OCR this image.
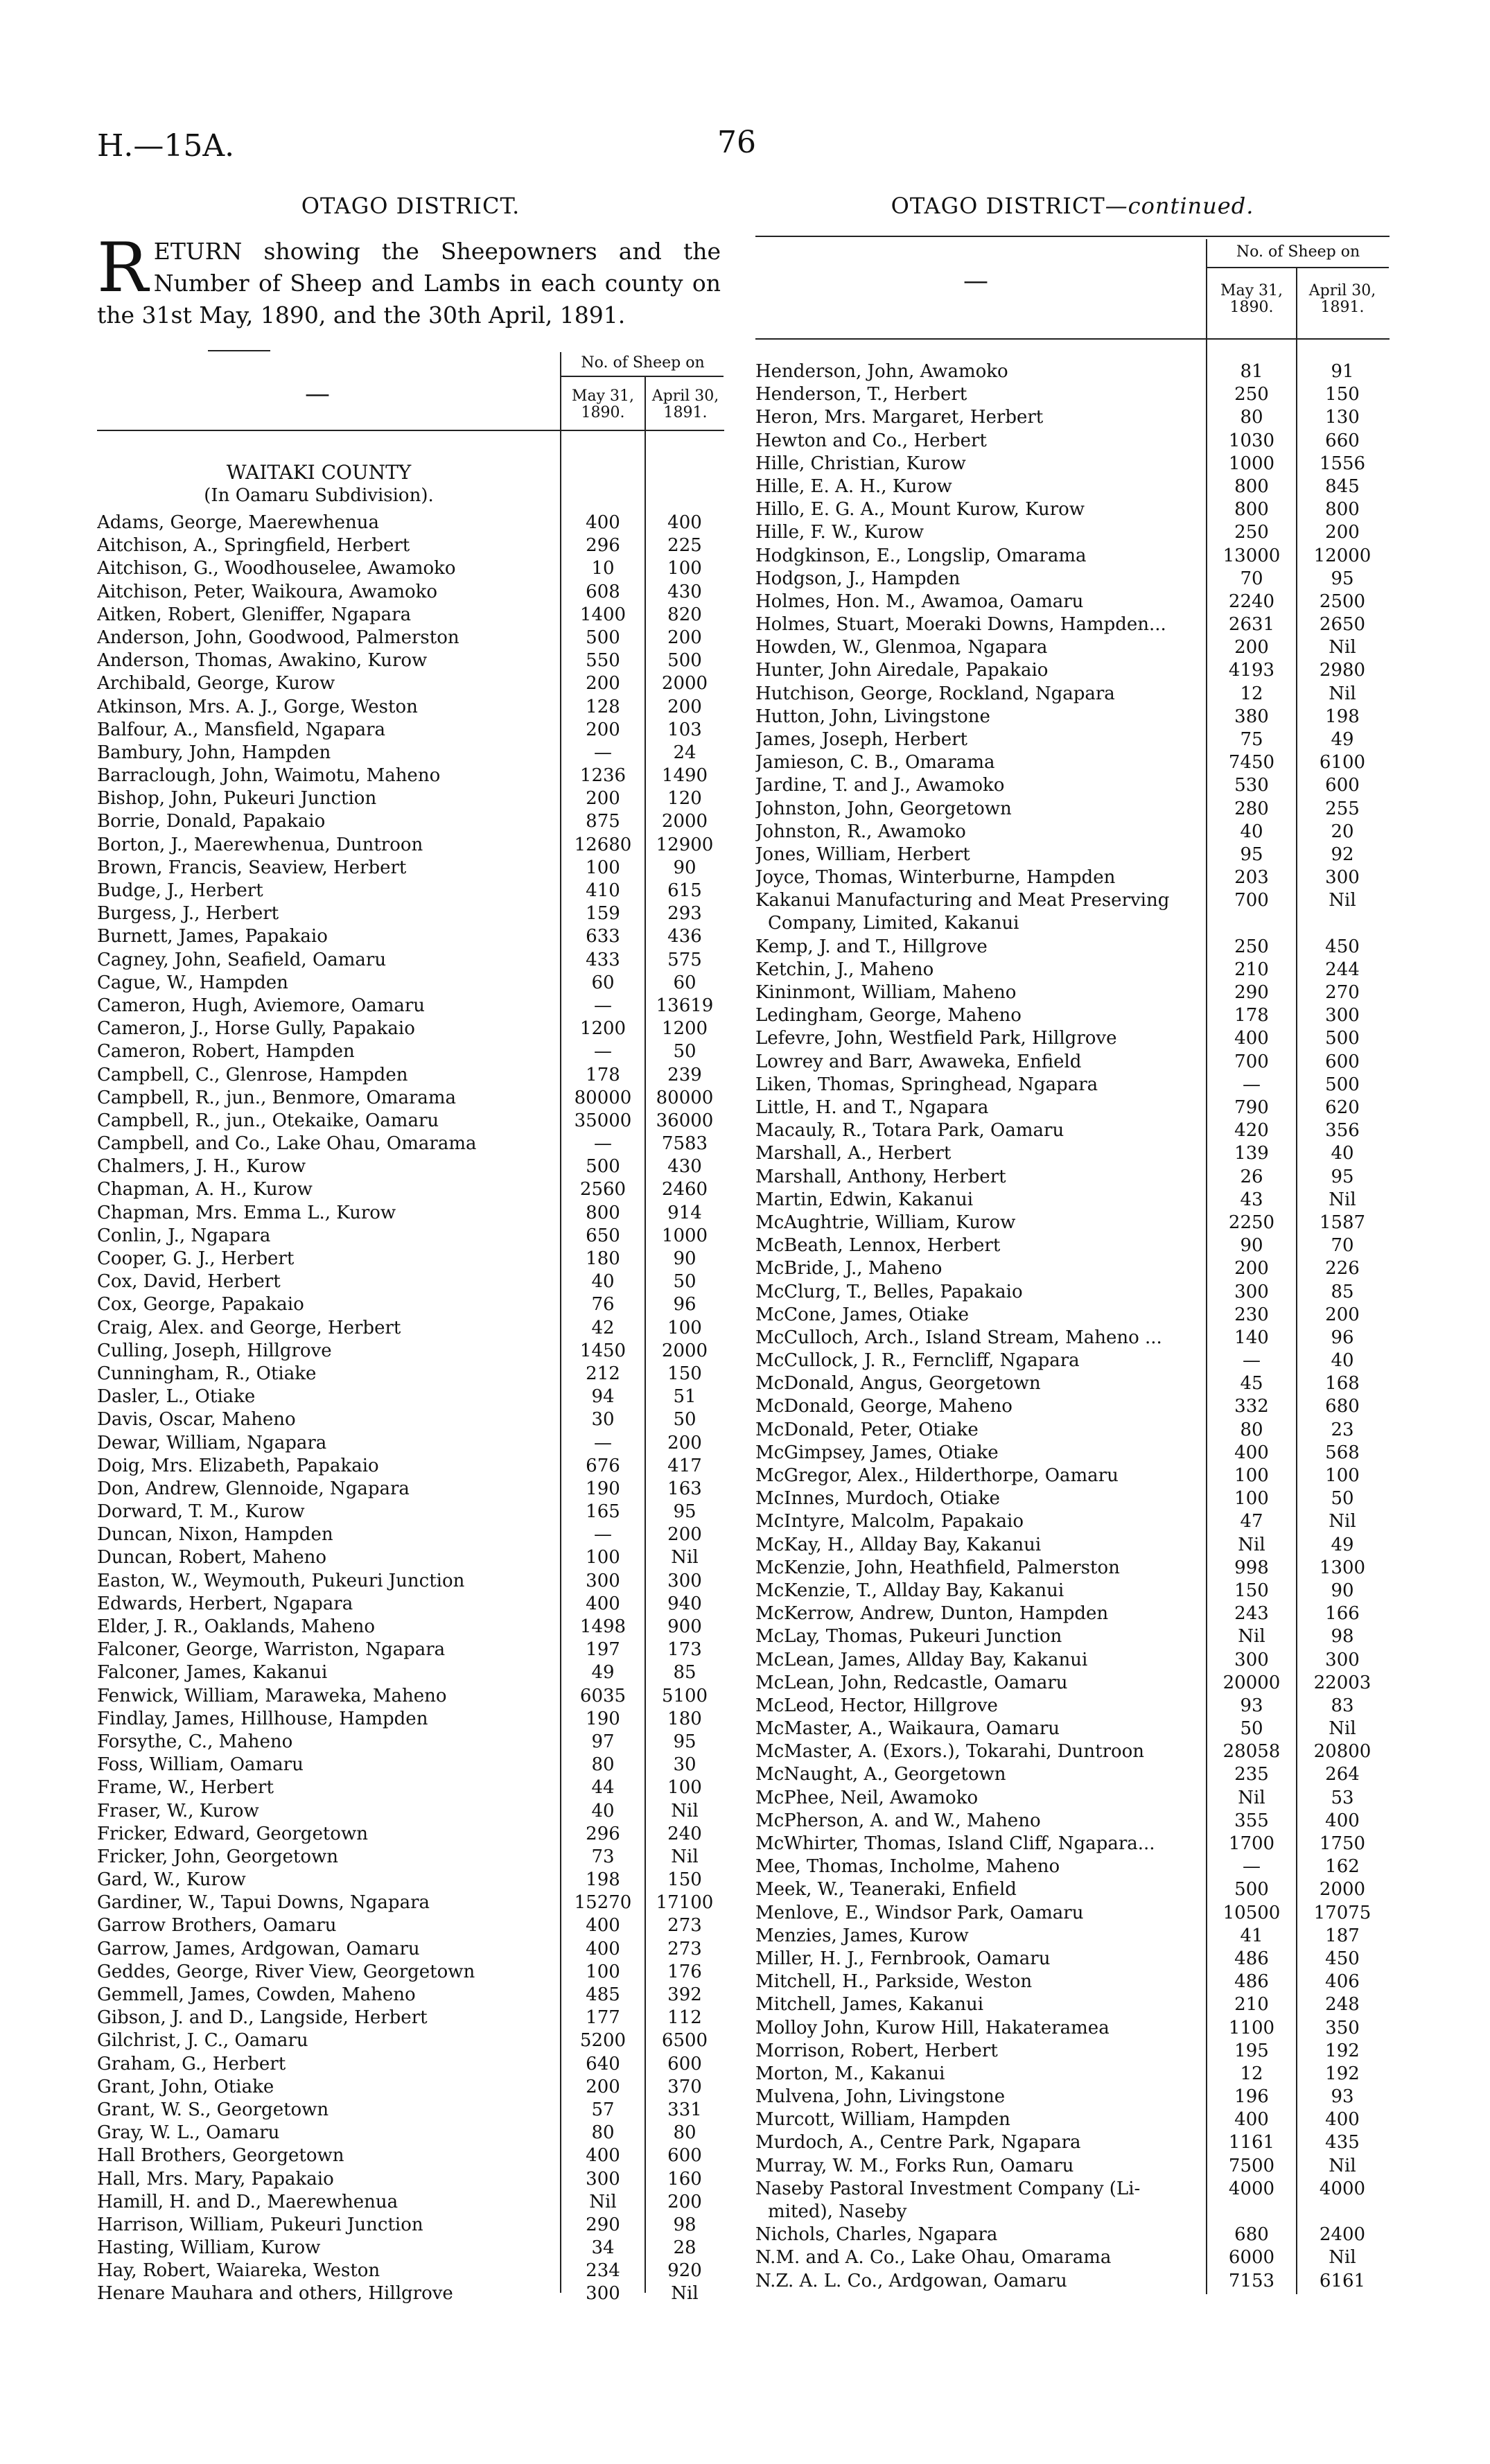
H.—15A.	76
OTAGO DISTRICT.
RETURN showing the Sheepowners and the Number of Sheep and Lambs in each county on the 31st May, 1890, and the 30th April, 1891.
No. of Sheep on
—	May 31, 1890.
April 30, 1891.
WAITAKI COUNTY
(In Oamaru Subdivision).
Adams, George, Maerewhenua	400	400
Aitchison, A., Springfield, Herbert	296	225
Aitchison, G., Woodhouselee, Awamoko	10	100
Aitchison, Peter, Waikoura, Awamoko	608	430
Aitken, Robert, Gleniffer, Ngapara	1400	820
Anderson, John, Goodwood, Palmerston	500	200
Anderson, Thomas, Awakino, Kurow	550	500
Archibald, George, Kurow	200	2000
Atkinson, Mrs. A. J., Gorge, Weston	128	200
Balfour, A., Mansfield, Ngapara	200	103
Bambury, John, Hampden	—	24
Barraclough, John, Waimotu, Maheno	1236	1490
Bishop, John, Pukeuri Junction	200	120
Borrie, Donald, Papakaio	875	2000
Borton, J., Maerewhenua, Duntroon	12680	12900
Brown, Francis, Seaview, Herbert	100	90
Budge, J., Herbert	410	615
Burgess, J., Herbert	159	293
Burnett, James, Papakaio	633	436
Cagney, John, Seafield, Oamaru	433	575
Cague, W., Hampden	60	60
Cameron, Hugh, Aviemore, Oamaru	—	13619
Cameron, J., Horse Gully, Papakaio	1200	1200
Cameron, Robert, Hampden	—	50
Campbell, C., Glenrose, Hampden	178	239
Campbell, R., jun., Benmore, Omarama	80000	80000
Campbell, R., jun., Otekaike, Oamaru	35000	36000
Campbell, and Co., Lake Ohau, Omarama	—	7583
Chalmers, J. H., Kurow	500	430
Chapman, A. H., Kurow	2560	2460
Chapman, Mrs. Emma L., Kurow	800	914
Conlin, J., Ngapara	650	1000
Cooper, G. J., Herbert	180	90
Cox, David, Herbert	40	50
Cox, George, Papakaio	76	96
Craig, Alex. and George, Herbert	42	100
Culling, Joseph, Hillgrove	1450	2000
Cunningham, R., Otiake	212	150
Dasler, L., Otiake	94	51
Davis, Oscar, Maheno	30	50
Dewar, William, Ngapara	—	200
Doig, Mrs. Elizabeth, Papakaio	676	417
Don, Andrew, Glennoide, Ngapara	190	163
Dorward, T. M., Kurow	165	95
Duncan, Nixon, Hampden	—	200
Duncan, Robert, Maheno	100	Nil
Easton, W., Weymouth, Pukeuri Junction	300	300
Edwards, Herbert, Ngapara	400	940
Elder, J. R., Oaklands, Maheno	1498	900
Falconer, George, Warriston, Ngapara	197	173
Falconer, James, Kakanui	49	85
Fenwick, William, Maraweka, Maheno	6035	5100
Findlay, James, Hillhouse, Hampden	190	180
Forsythe, C., Maheno	97	95
Foss, William, Oamaru	80	30
Frame, W., Herbert	44	100
Fraser, W., Kurow	40	Nil
Fricker, Edward, Georgetown	296	240
Fricker, John, Georgetown	73	Nil
Gard, W., Kurow	198	150
Gardiner, W., Tapui Downs, Ngapara	15270	17100
Garrow Brothers, Oamaru	400	273
Garrow, James, Ardgowan, Oamaru	400	273
Geddes, George, River View, Georgetown	100	176
Gemmell, James, Cowden, Maheno	485	392
Gibson, J. and D., Langside, Herbert	177	112
Gilchrist, J. C., Oamaru	5200	6500
Graham, G., Herbert	640	600
Grant, John, Otiake	200	370
Grant, W. S., Georgetown	57	331
Gray, W. L., Oamaru	80	80
Hall Brothers, Georgetown	400	600
Hall, Mrs. Mary, Papakaio	300	160
Hamill, H. and D., Maerewhenua	Nil	200
Harrison, William, Pukeuri Junction	290	98
Hasting, William, Kurow	34	28
Hay, Robert, Waiareka, Weston	234	920
Henare Mauhara and others, Hillgrove	300	Nil
OTAGO DISTRICT—continued.
No. of Sheep on
—	May 31, 1890.
April 30, 1891.
Henderson, John, Awamoko	81	91
Henderson, T., Herbert	250	150
Heron, Mrs. Margaret, Herbert	80	130
Hewton and Co., Herbert	1030	660
Hille, Christian, Kurow	1000	1556
Hille, E. A. H., Kurow	800	845
Hillo, E. G. A., Mount Kurow, Kurow	800	800
Hille, F. W., Kurow	250	200
Hodgkinson, E., Longslip, Omarama	13000	12000
Hodgson, J., Hampden	70	95
Holmes, Hon. M., Awamoa, Oamaru	2240	2500
Holmes, Stuart, Moeraki Downs, Hampden...	2631	2650
Howden, W., Glenmoa, Ngapara	200	Nil
Hunter, John Airedale, Papakaio	4193	2980
Hutchison, George, Rockland, Ngapara	12	Nil
Hutton, John, Livingstone	380	198
James, Joseph, Herbert	75	49
Jamieson, C. B., Omarama	7450	6100
Jardine, T. and J., Awamoko	530	600
Johnston, John, Georgetown	280	255
Johnston, R., Awamoko	40	20
Jones, William, Herbert	95	92
Joyce, Thomas, Winterburne, Hampden	203	300
Kakanui Manufacturing and Meat Preserving
Company, Limited, Kakanui
700	Nil
Kemp, J. and T., Hillgrove	250	450
Ketchin, J., Maheno	210	244
Kininmont, William, Maheno	290	270
Ledingham, George, Maheno	178	300
Lefevre, John, Westfield Park, Hillgrove	400	500
Lowrey and Barr, Awaweka, Enfield	700	600
Liken, Thomas, Springhead, Ngapara	—	500
Little, H. and T., Ngapara	790	620
Macauly, R., Totara Park, Oamaru	420	356
Marshall, A., Herbert	139	40
Marshall, Anthony, Herbert	26	95
Martin, Edwin, Kakanui	43	Nil
McAughtrie, William, Kurow	2250	1587
McBeath, Lennox, Herbert	90	70
McBride, J., Maheno	200	226
McClurg, T., Belles, Papakaio	300	85
McCone, James, Otiake	230	200
McCulloch, Arch., Island Stream, Maheno ...	140	96
McCullock, J. R., Ferncliff, Ngapara	—	40
McDonald, Angus, Georgetown	45	168
McDonald, George, Maheno	332	680
McDonald, Peter, Otiake	80	23
McGimpsey, James, Otiake	400	568
McGregor, Alex., Hilderthorpe, Oamaru	100	100
McInnes, Murdoch, Otiake	100	50
McIntyre, Malcolm, Papakaio	47	Nil
McKay, H., Allday Bay, Kakanui	Nil	49
McKenzie, John, Heathfield, Palmerston	998	1300
McKenzie, T., Allday Bay, Kakanui	150	90
McKerrow, Andrew, Dunton, Hampden	243	166
McLay, Thomas, Pukeuri Junction	Nil	98
McLean, James, Allday Bay, Kakanui	300	300
McLean, John, Redcastle, Oamaru	20000	22003
McLeod, Hector, Hillgrove	93	83
McMaster, A., Waikaura, Oamaru	50	Nil
McMaster, A. (Exors.), Tokarahi, Duntroon	28058	20800
McNaught, A., Georgetown	235	264
McPhee, Neil, Awamoko	Nil	53
McPherson, A. and W., Maheno	355	400
McWhirter, Thomas, Island Cliff, Ngapara...	1700	1750
Mee, Thomas, Incholme, Maheno	—	162
Meek, W., Teaneraki, Enfield	500	2000
Menlove, E., Windsor Park, Oamaru	10500	17075
Menzies, James, Kurow	41	187
Miller, H. J., Fernbrook, Oamaru	486	450
Mitchell, H., Parkside, Weston	486	406
Mitchell, James, Kakanui	210	248
Molloy John, Kurow Hill, Hakateramea	1100	350
Morrison, Robert, Herbert	195	192
Morton, M., Kakanui	12	192
Mulvena, John, Livingstone	196	93
Murcott, William, Hampden	400	400
Murdoch, A., Centre Park, Ngapara	1161	435
Murray, W. M., Forks Run, Oamaru	7500	Nil
Naseby Pastoral Investment Company (Li-
mited), Naseby
4000	4000
Nichols, Charles, Ngapara	680	2400
N.M. and A. Co., Lake Ohau, Omarama	6000	Nil
N.Z. A. L. Co., Ardgowan, Oamaru	7153	6161
